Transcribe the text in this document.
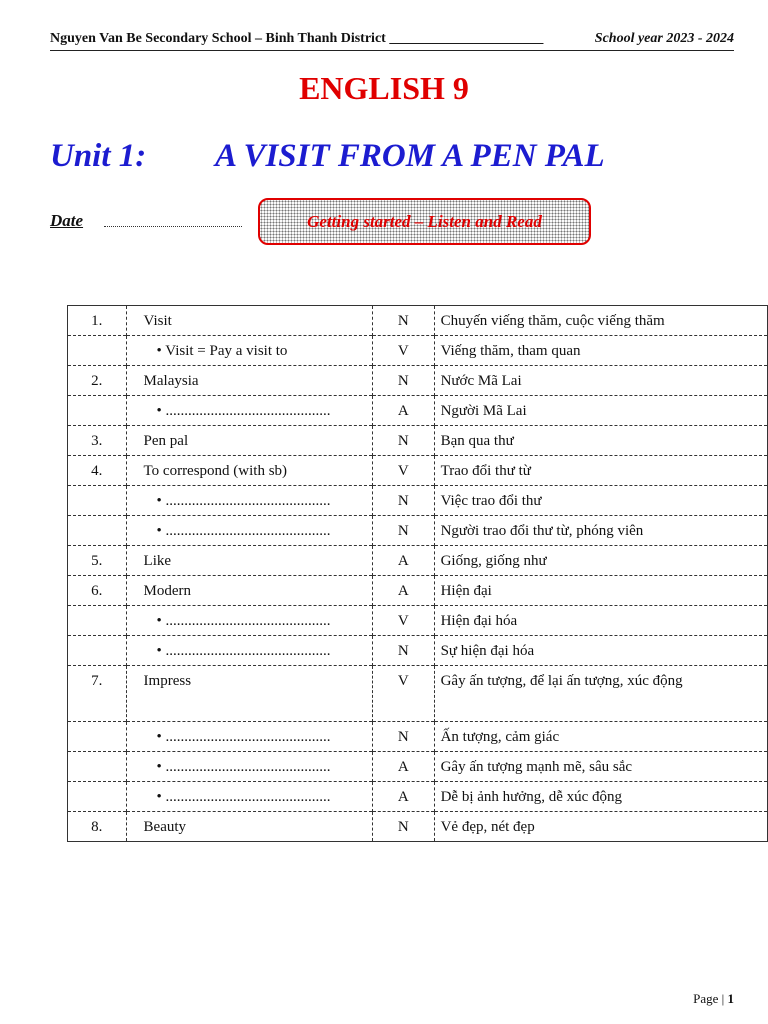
Nguyen Van Be Secondary School – Binh Thanh District ______________________	School year 2023 - 2024
ENGLISH 9
Unit 1: A VISIT FROM A PEN PAL
Date	Getting started – Listen and Read
1.	Visit	N	Chuyến viếng thăm, cuộc viếng thăm
	• Visit = Pay a visit to	V	Viếng thăm, tham quan
2.	Malaysia	N	Nước Mã Lai
	• ............................................	A	Người Mã Lai
3.	Pen pal	N	Bạn qua thư
4.	To correspond (with sb)	V	Trao đổi thư từ
	• ............................................	N	Việc trao đổi thư
	• ............................................	N	Người trao đổi thư từ, phóng viên
5.	Like	A	Giống, giống như
6.	Modern	A	Hiện đại
	• ............................................	V	Hiện đại hóa
	• ............................................	N	Sự hiện đại hóa
7.	Impress	V	Gây ấn tượng, để lại ấn tượng, xúc động
	• ............................................	N	Ấn tượng, cảm giác
	• ............................................	A	Gây ấn tượng mạnh mẽ, sâu sắc
	• ............................................	A	Dễ bị ảnh hưởng, dễ xúc động
8.	Beauty	N	Vẻ đẹp, nét đẹp
Page | 1
